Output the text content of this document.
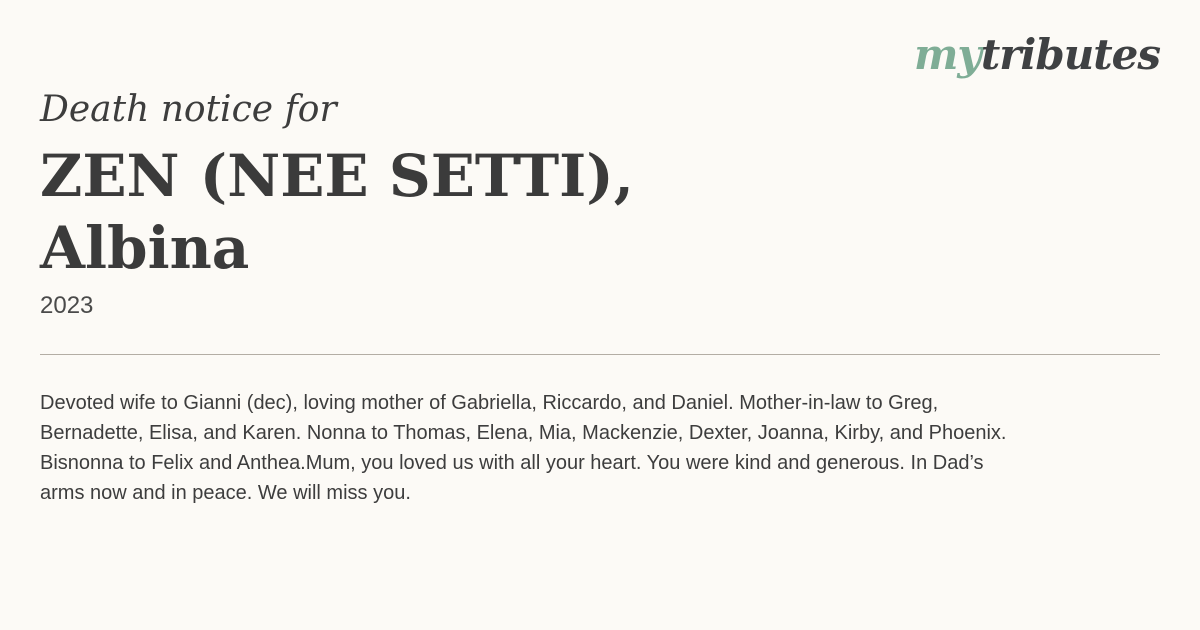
mytributes
Death notice for
ZEN (NEE SETTI),
Albina
2023

Devoted wife to Gianni (dec), loving mother of Gabriella, Riccardo, and Daniel. Mother-in-law to Greg,
Bernadette, Elisa, and Karen. Nonna to Thomas, Elena, Mia, Mackenzie, Dexter, Joanna, Kirby, and Phoenix.
Bisnonna to Felix and Anthea.Mum, you loved us with all your heart. You were kind and generous. In Dad’s
arms now and in peace. We will miss you.
